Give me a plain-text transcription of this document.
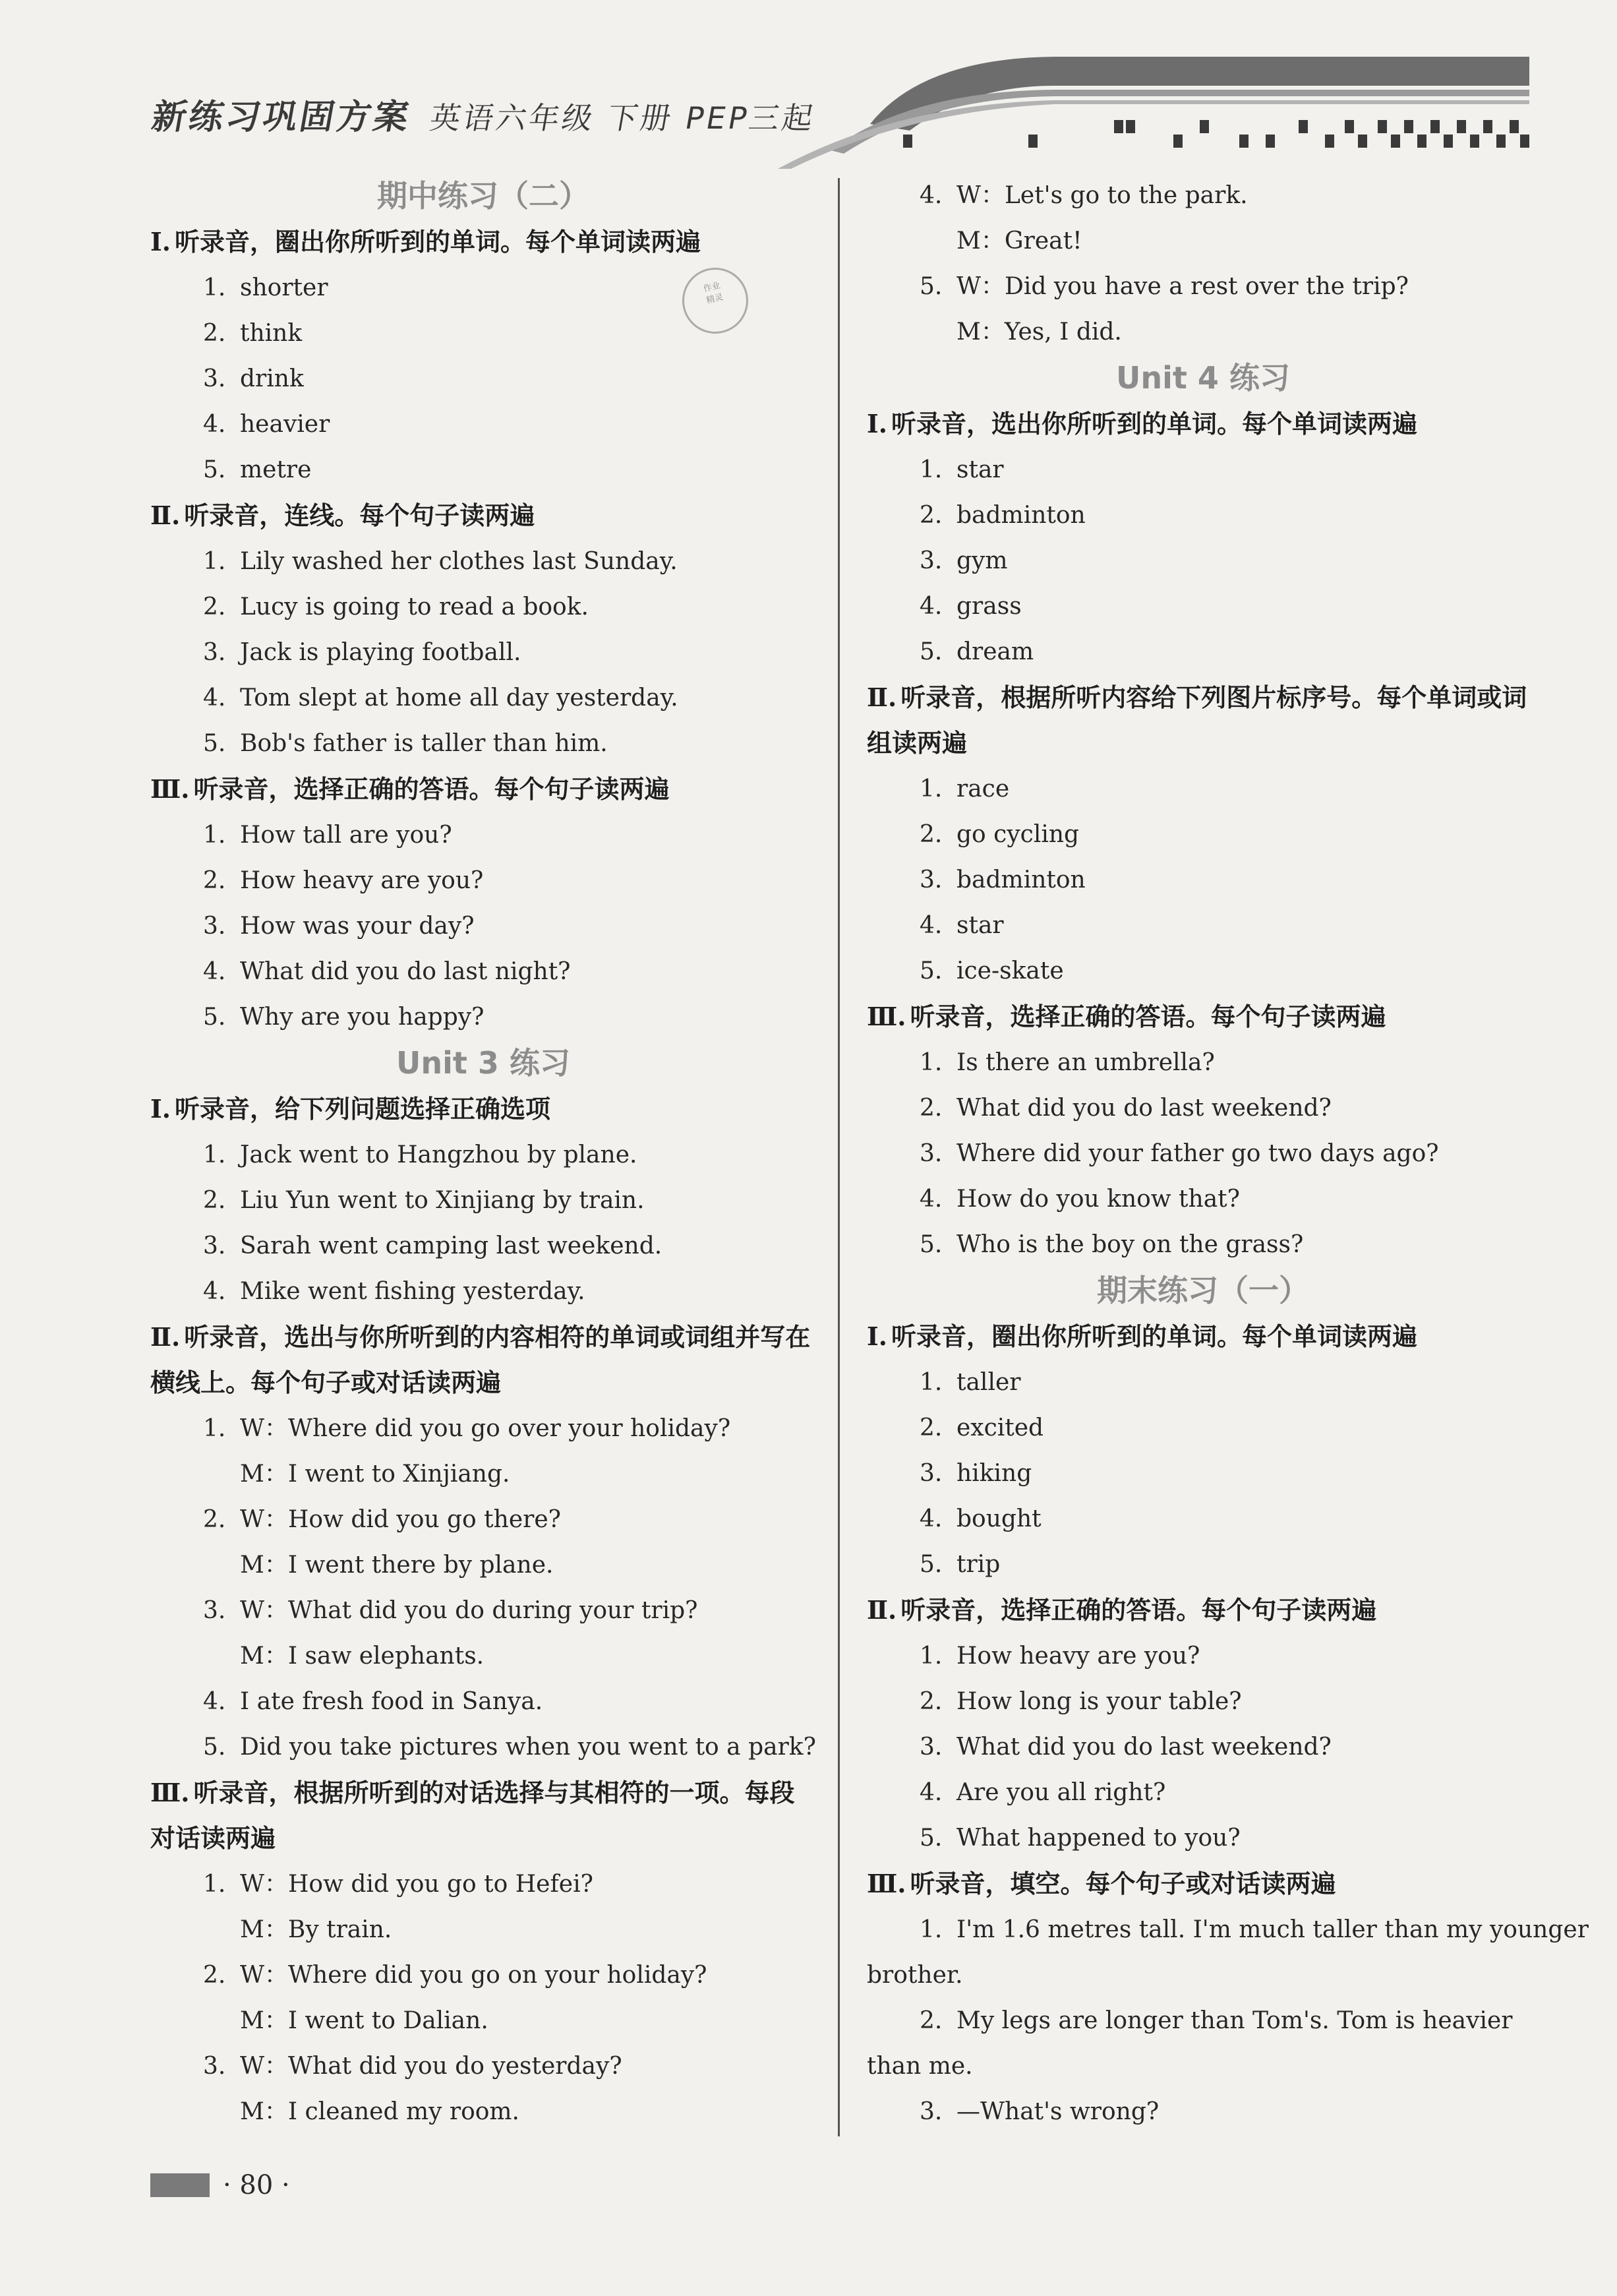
新练习巩固方案 英语六年级 下册 PEP三起
作业
精灵
期中练习（二）

Ⅰ. 听录音，圈出你所听到的单词。每个单词读两遍

1. shorter

2. think

3. drink

4. heavier

5. metre

Ⅱ. 听录音，连线。每个句子读两遍

1. Lily washed her clothes last Sunday.

2. Lucy is going to read a book.

3. Jack is playing football.

4. Tom slept at home all day yesterday.

5. Bob's father is taller than him.

Ⅲ. 听录音，选择正确的答语。每个句子读两遍

1. How tall are you?

2. How heavy are you?

3. How was your day?

4. What did you do last night?

5. Why are you happy?

Unit 3 练习

Ⅰ. 听录音，给下列问题选择正确选项

1. Jack went to Hangzhou by plane.

2. Liu Yun went to Xinjiang by train.

3. Sarah went camping last weekend.

4. Mike went fishing yesterday.

Ⅱ. 听录音，选出与你所听到的内容相符的单词或词组并写在横线上。每个句子或对话读两遍

1. W：Where did you go over your holiday?

M：I went to Xinjiang.

2. W：How did you go there?

M：I went there by plane.

3. W：What did you do during your trip?

M：I saw elephants.

4. I ate fresh food in Sanya.

5. Did you take pictures when you went to a park?

Ⅲ. 听录音，根据所听到的对话选择与其相符的一项。每段对话读两遍

1. W：How did you go to Hefei?

M：By train.

2. W：Where did you go on your holiday?

M：I went to Dalian.

3. W：What did you do yesterday?

M：I cleaned my room.

4. W：Let's go to the park.

M：Great!

5. W：Did you have a rest over the trip?

M：Yes, I did.

Unit 4 练习

Ⅰ. 听录音，选出你所听到的单词。每个单词读两遍

1. star

2. badminton

3. gym

4. grass

5. dream

Ⅱ. 听录音，根据所听内容给下列图片标序号。每个单词或词组读两遍

1. race

2. go cycling

3. badminton

4. star

5. ice-skate

Ⅲ. 听录音，选择正确的答语。每个句子读两遍

1. Is there an umbrella?

2. What did you do last weekend?

3. Where did your father go two days ago?

4. How do you know that?

5. Who is the boy on the grass?

期末练习（一）

Ⅰ. 听录音，圈出你所听到的单词。每个单词读两遍

1. taller

2. excited

3. hiking

4. bought

5. trip

Ⅱ. 听录音，选择正确的答语。每个句子读两遍

1. How heavy are you?

2. How long is your table?

3. What did you do last weekend?

4. Are you all right?

5. What happened to you?

Ⅲ. 听录音，填空。每个句子或对话读两遍

1. I'm 1.6 metres tall. I'm much taller than my younger

brother.

2. My legs are longer than Tom's. Tom is heavier

than me.

3. —What's wrong?

· 80 ·
